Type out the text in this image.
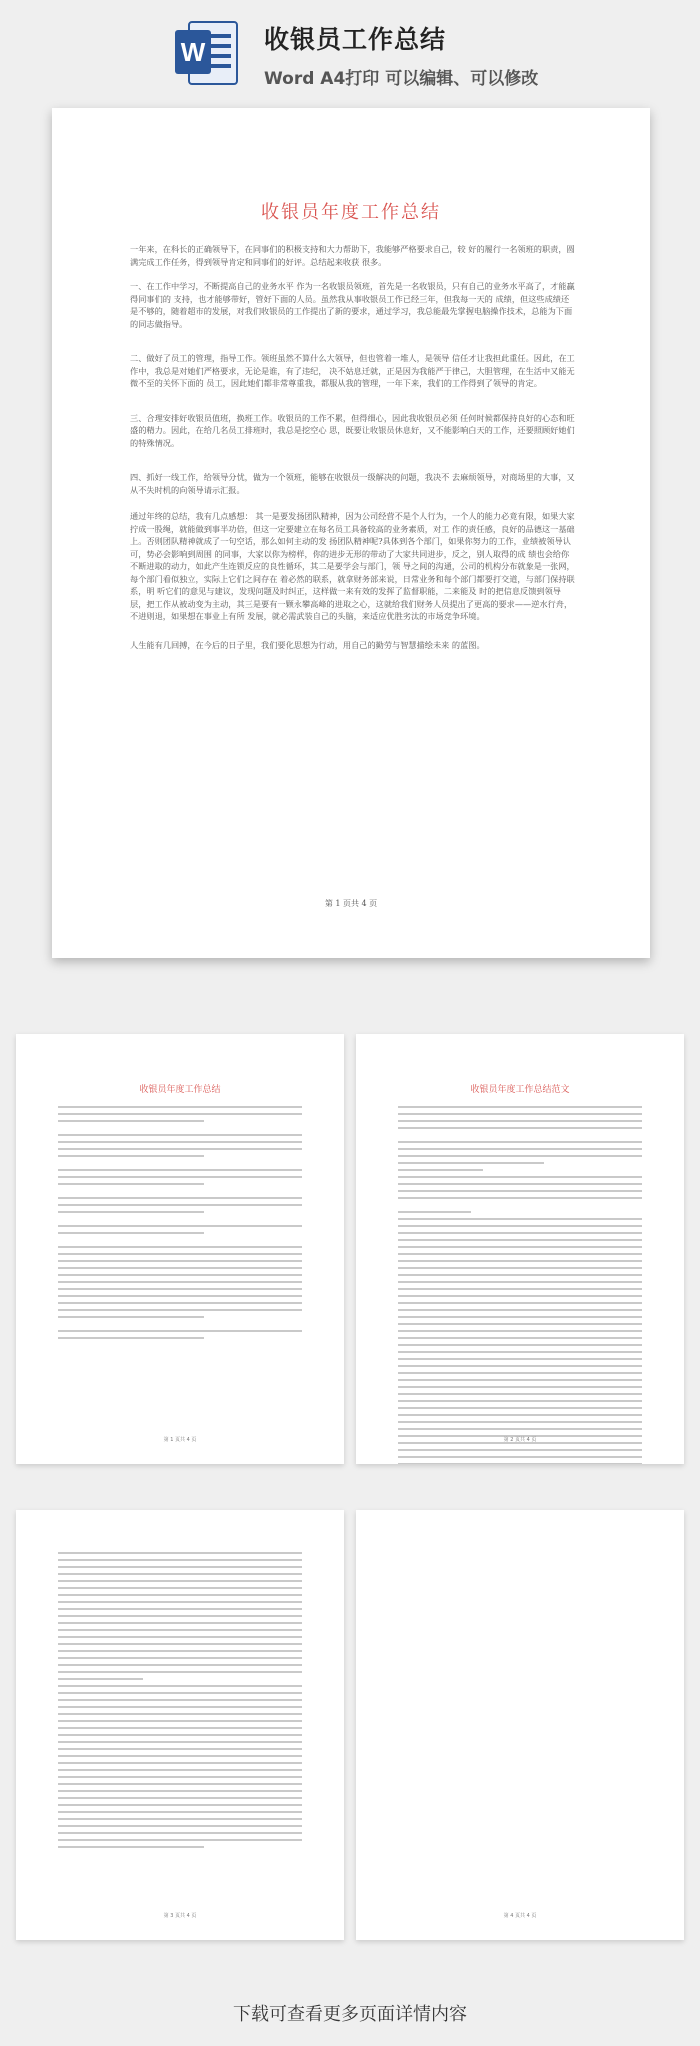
W 收银员工作总结
Word A4打印 可以编辑、可以修改
收银员年度工作总结

一年来，在科长的正确领导下，在同事们的积极支持和大力帮助下，我能够严格要求自己，较 好的履行一名领班的职责，圆满完成工作任务，得到领导肯定和同事们的好评。总结起来收获 很多。

一、在工作中学习，不断提高自己的业务水平 作为一名收银员领班，首先是一名收银员，只有自己的业务水平高了，才能赢得同事们的 支持，也才能够带好，管好下面的人员。虽然我从事收银员工作已经三年，但我每一天的 成绩，但这些成绩还是不够的，随着超市的发展，对我们收银员的工作提出了新的要求，通过学习，我总能最先掌握电脑操作技术，总能为下面的同志做指导。

二、做好了员工的管理，指导工作。领班虽然不算什么大领导，但也管着一堆人，是领导 信任才让我担此重任。因此，在工作中，我总是对她们严格要求，无论是谁，有了违纪， 决不姑息迁就，正是因为我能严于律己，大胆管理，在生活中又能无微不至的关怀下面的 员工，因此她们都非常尊重我，都服从我的管理，一年下来，我们的工作得到了领导的肯定。

三、合理安排好收银员值班，换班工作。收银员的工作不累，但得细心，因此我收银员必须 任何时候都保持良好的心态和旺盛的精力。因此，在给几名员工排班时，我总是挖空心 思，既要让收银员休息好，又不能影响白天的工作，还要照顾好她们的特殊情况。

四、抓好一线工作，给领导分忧，做为一个领班，能够在收银员一级解决的问题，我决不 去麻烦领导，对商场里的大事，又从不失时机的向领导请示汇报。

通过年终的总结，我有几点感想： 其一是要发扬团队精神，因为公司经营不是个人行为，一个人的能力必竟有限，如果大家 拧成一股绳，就能做到事半功倍，但这一定要建立在每名员工具备较高的业务素质，对工 作的责任感，良好的品德这一基础上。否则团队精神就成了一句空话，那么如何主动的发 扬团队精神呢?具体到各个部门，如果你努力的工作，业绩被领导认可，势必会影响到周围 的同事，大家以你为榜样，你的进步无形的带动了大家共同进步，反之，别人取得的成 绩也会给你不断进取的动力，如此产生连锁反应的良性循环，其二是要学会与部门，领 导之间的沟通，公司的机构分布就象是一张网，每个部门看似独立，实际上它们之间存在 着必然的联系，就拿财务部来说，日常业务和每个部门都要打交道，与部门保持联系，明 听它们的意见与建议，发现问题及时纠正，这样做一来有效的发挥了监督职能，二来能及 时的把信息反馈到领导层，把工作从被动变为主动，其三是要有一颗永攀高峰的进取之心，这就给我们财务人员提出了更高的要求——逆水行舟，不进则退，如果想在事业上有所 发展，就必需武装自己的头脑，来适应优胜劣汰的市场竞争环境。

人生能有几回搏，在今后的日子里，我们要化思想为行动，用自己的勤劳与智慧描绘未来 的蓝图。

第 1 页共 4 页
收银员年度工作总结
第 1 页共 4 页
收银员年度工作总结范文
第 2 页共 4 页
第 3 页共 4 页	第 4 页共 4 页
下载可查看更多页面详情内容
